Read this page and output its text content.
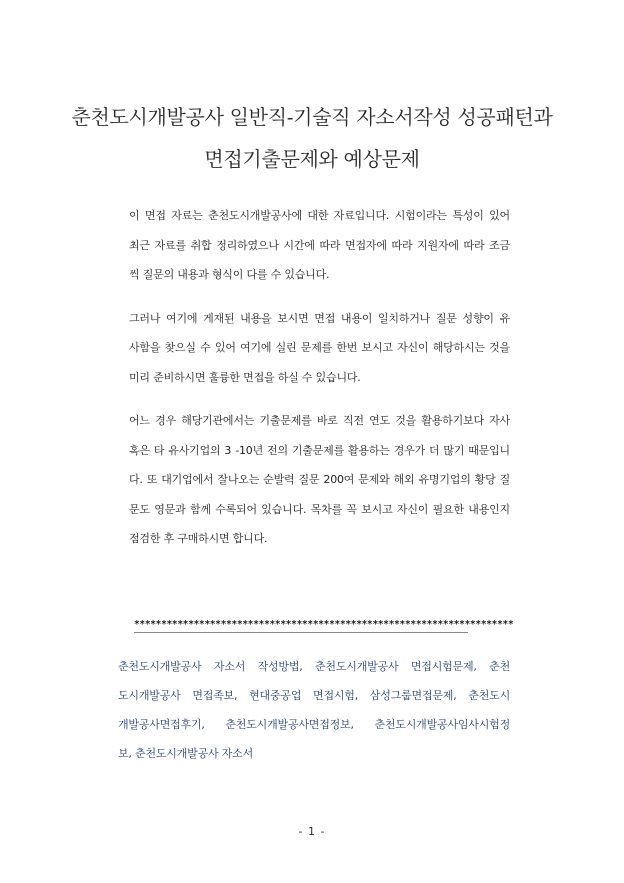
춘천도시개발공사 일반직-기술직 자소서작성 성공패턴과
면접기출문제와 예상문제

이 면접 자료는 춘천도시개발공사에 대한 자료입니다. 시험이라는 특성이 있어
최근 자료를 취합 정리하였으나 시간에 따라 면접자에 따라 지원자에 따라 조금
씩 질문의 내용과 형식이 다를 수 있습니다.

그러나 여기에 게재된 내용을 보시면 면접 내용이 일치하거나 질문 성향이 유
사함을 찾으실 수 있어 여기에 실린 문제를 한번 보시고 자신이 해당하시는 것을
미리 준비하시면 훌륭한 면접을 하실 수 있습니다.

어느 경우 해당기관에서는 기출문제를 바로 직전 연도 것을 활용하기보다 자사
혹은 타 유사기업의 3 -10년 전의 기출문제를 활용하는 경우가 더 많기 때문입니
다. 또 대기업에서 잘나오는 순발력 질문 200여 문제와 해외 유명기업의 황당 질
문도 영문과 함께 수록되어 있습니다. 목차를 꼭 보시고 자신이 필요한 내용인지
점검한 후 구매하시면 합니다.

**********************************************************************
춘천도시개발공사 자소서 작성방법, 춘천도시개발공사 면접시험문제, 춘천
도시개발공사 면접족보, 현대중공업 면접시험, 삼성그룹면접문제, 춘천도시
개발공사면접후기, 춘천도시개발공사면접정보, 춘천도시개발공사임사시험정
보, 춘천도시개발공사 자소서
- 1 -
